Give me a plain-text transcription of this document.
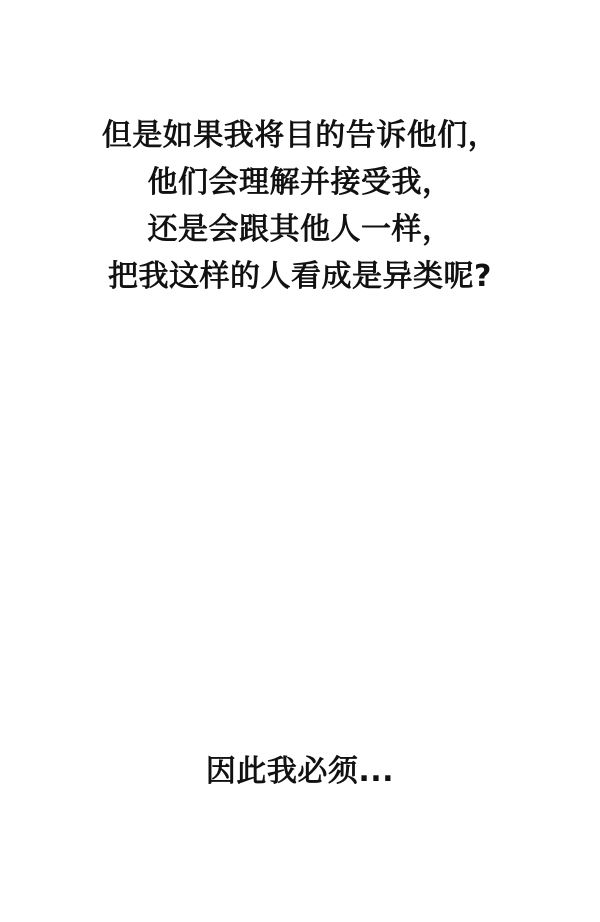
但是如果我将目的告诉他们，
他们会理解并接受我，
还是会跟其他人一样，
把我这样的人看成是异类呢?
因此我必须...
